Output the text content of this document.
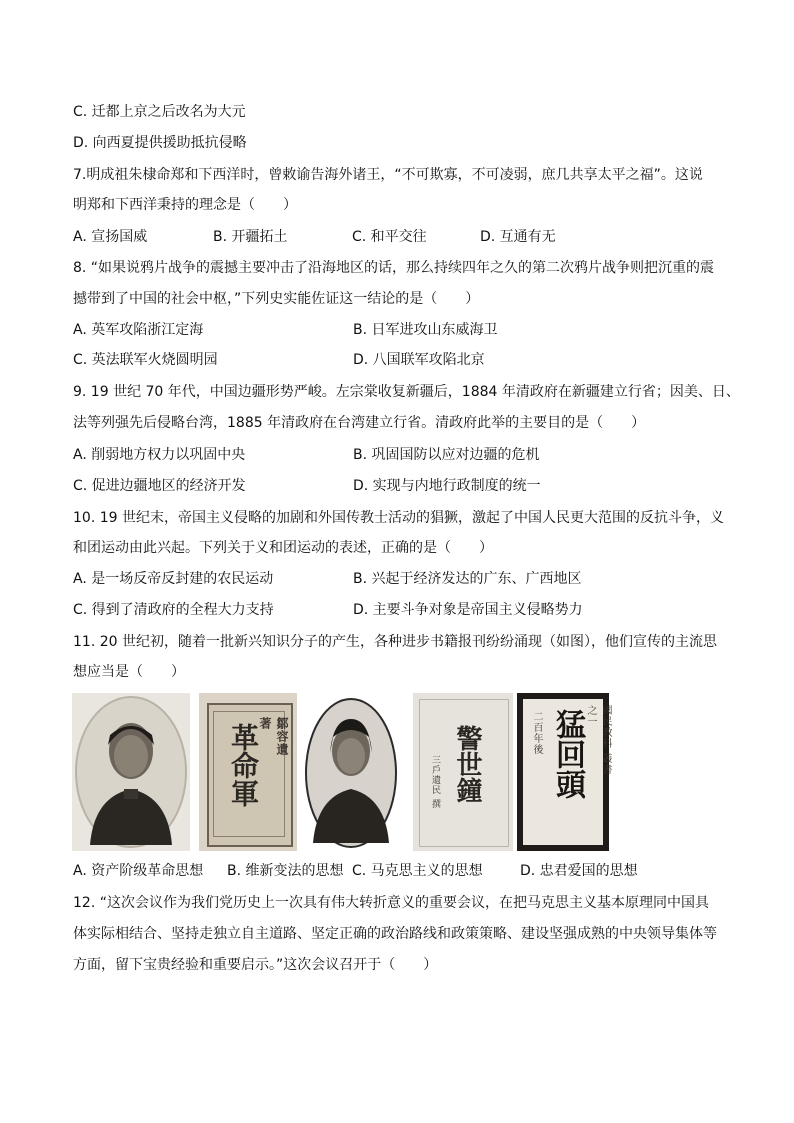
C. 迁都上京之后改名为大元
D. 向西夏提供援助抵抗侵略
7.明成祖朱棣命郑和下西洋时，曾敕谕告海外诸王，“不可欺寡，不可凌弱，庶几共享太平之福”。这说
明郑和下西洋秉持的理念是（　　）
A. 宣扬国威	B. 开疆拓土	C. 和平交往	D. 互通有无
8. “如果说鸦片战争的震撼主要冲击了沿海地区的话，那么持续四年之久的第二次鸦片战争则把沉重的震
撼带到了中国的社会中枢，”下列史实能佐证这一结论的是（　　）
A. 英军攻陷浙江定海	B. 日军进攻山东威海卫
C. 英法联军火烧圆明园	D. 八国联军攻陷北京
9. 19 世纪 70 年代，中国边疆形势严峻。左宗棠收复新疆后，1884 年清政府在新疆建立行省；因美、日、
法等列强先后侵略台湾，1885 年清政府在台湾建立行省。清政府此举的主要目的是（　　）
A. 削弱地方权力以巩固中央	B. 巩固国防以应对边疆的危机
C. 促进边疆地区的经济开发	D. 实现与内地行政制度的统一
10. 19 世纪末，帝国主义侵略的加剧和外国传教士活动的猖獗，激起了中国人民更大范围的反抗斗争，义
和团运动由此兴起。下列关于义和团运动的表述，正确的是（　　）
A. 是一场反帝反封建的农民运动	B. 兴起于经济发达的广东、广西地区
C. 得到了清政府的全程大力支持	D. 主要斗争对象是帝国主义侵略势力
11. 20 世纪初，随着一批新兴知识分子的产生，各种进步书籍报刊纷纷涌现（如图），他们宣传的主流思
想应当是（　　）
鄒容遺著
革命軍	警世鐘
三戶遺民 撰
國民教科 叢書之一
二百年後 猛回頭
A. 资产阶级革命思想 B. 维新变法的思想 C. 马克思主义的思想	D. 忠君爱国的思想
12. “这次会议作为我们党历史上一次具有伟大转折意义的重要会议，在把马克思主义基本原理同中国具
体实际相结合、坚持走独立自主道路、坚定正确的政治路线和政策策略、建设坚强成熟的中央领导集体等
方面，留下宝贵经验和重要启示。”这次会议召开于（　　）
